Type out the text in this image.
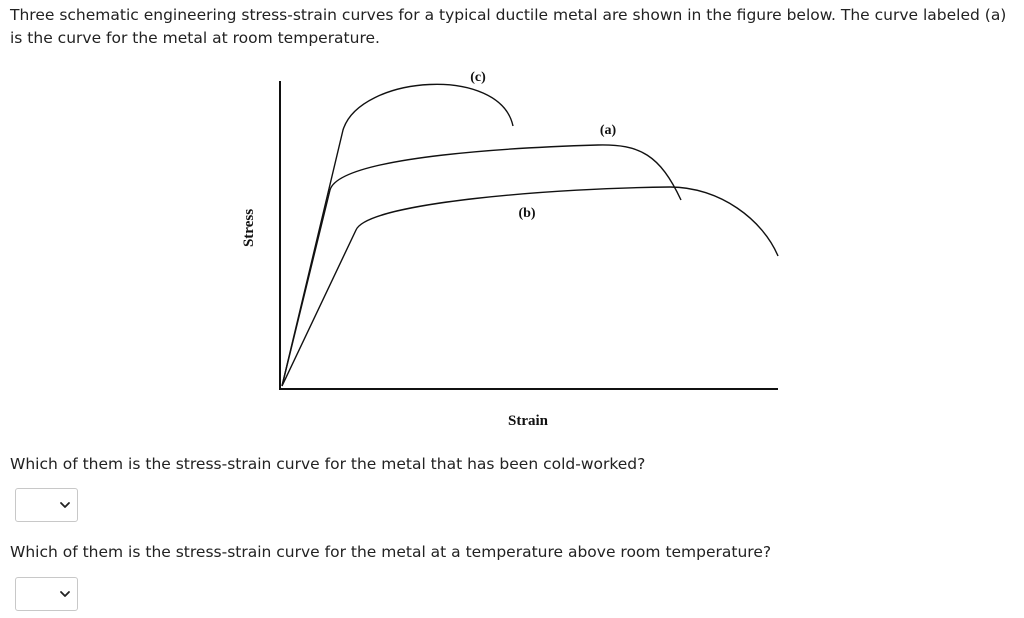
Three schematic engineering stress-strain curves for a typical ductile metal are shown in the figure below. The curve labeled (a) is the curve for the metal at room temperature.

(c)
(a)
(b)
Stress
Strain

Which of them is the stress-strain curve for the metal that has been cold-worked?

Which of them is the stress-strain curve for the metal at a temperature above room temperature?
